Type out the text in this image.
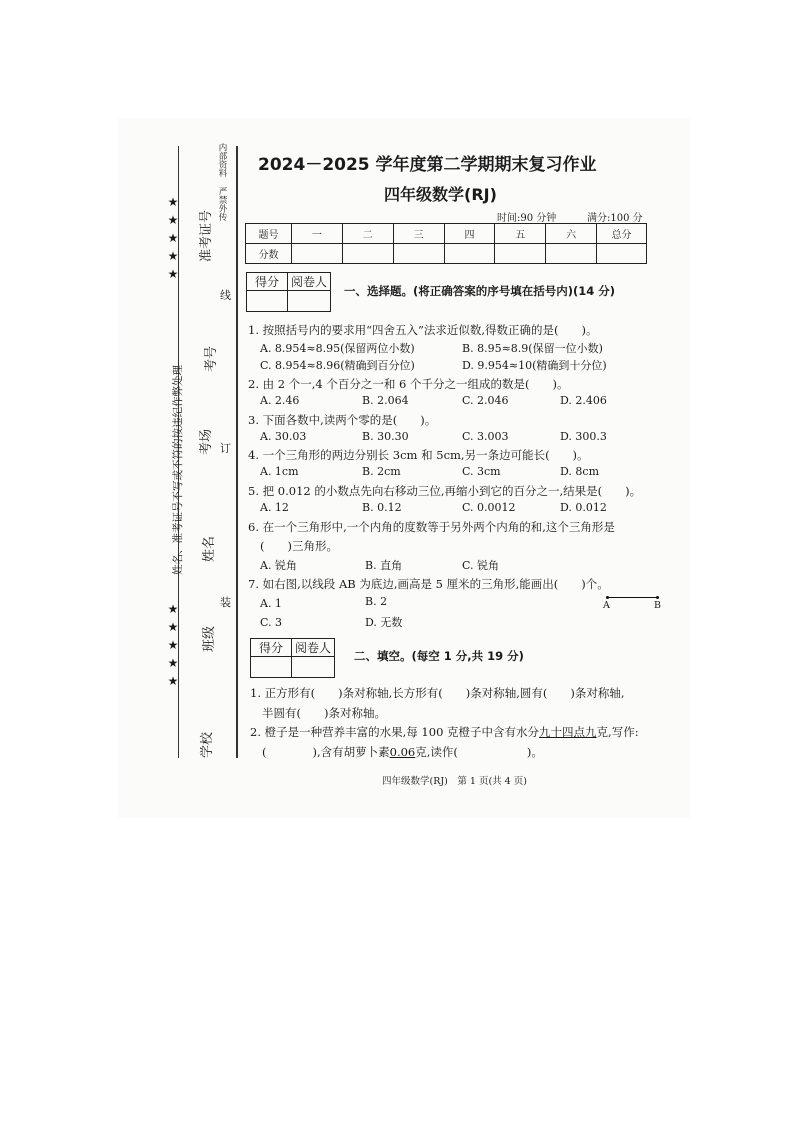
★★★★★
★★★★★
姓名、准考证号不写或不符的按违纪作弊处理
准考证号
考号
考场
姓名
班级
学校
线
订
装
内部资料 严禁外传 2024－2025 学年度第二学期期末复习作业
四年级数学(RJ)
时间:90 分钟	满分:100 分
题号	一	二	三	四	五	六	总分
分数							
得分	阅卷人

一、选择题。(将正确答案的序号填在括号内)(14 分)
1. 按照括号内的要求用“四舍五入”法求近似数,得数正确的是(　　)。
A. 8.954≈8.95(保留两位小数)	B. 8.95≈8.9(保留一位小数)
C. 8.954≈8.96(精确到百分位)	D. 9.954≈10(精确到十分位)
2. 由 2 个一,4 个百分之一和 6 个千分之一组成的数是(　　)。
A. 2.46	B. 2.064	C. 2.046	D. 2.406
3. 下面各数中,读两个零的是(　　)。
A. 30.03	B. 30.30	C. 3.003	D. 300.3
4. 一个三角形的两边分别长 3cm 和 5cm,另一条边可能长(　　)。
A. 1cm	B. 2cm	C. 3cm	D. 8cm
5. 把 0.012 的小数点先向右移动三位,再缩小到它的百分之一,结果是(　　)。
A. 12	B. 0.12	C. 0.0012	D. 0.012
6. 在一个三角形中,一个内角的度数等于另外两个内角的和,这个三角形是
(　　)三角形。
A. 锐角	B. 直角	C. 锐角
7. 如右图,以线段 AB 为底边,画高是 5 厘米的三角形,能画出(　　)个。
A. 1	B. 2
C. 3	D. 无数
A	B
得分	阅卷人

二、填空。(每空 1 分,共 19 分)
1. 正方形有(　　)条对称轴,长方形有(　　)条对称轴,圆有(　　)条对称轴,
半圆有(　　)条对称轴。
2. 橙子是一种营养丰富的水果,每 100 克橙子中含有水分九十四点九克,写作:
(　　　　),含有胡萝卜素0.06克,读作(　　　　　　)。
四年级数学(RJ)　第 1 页(共 4 页)
